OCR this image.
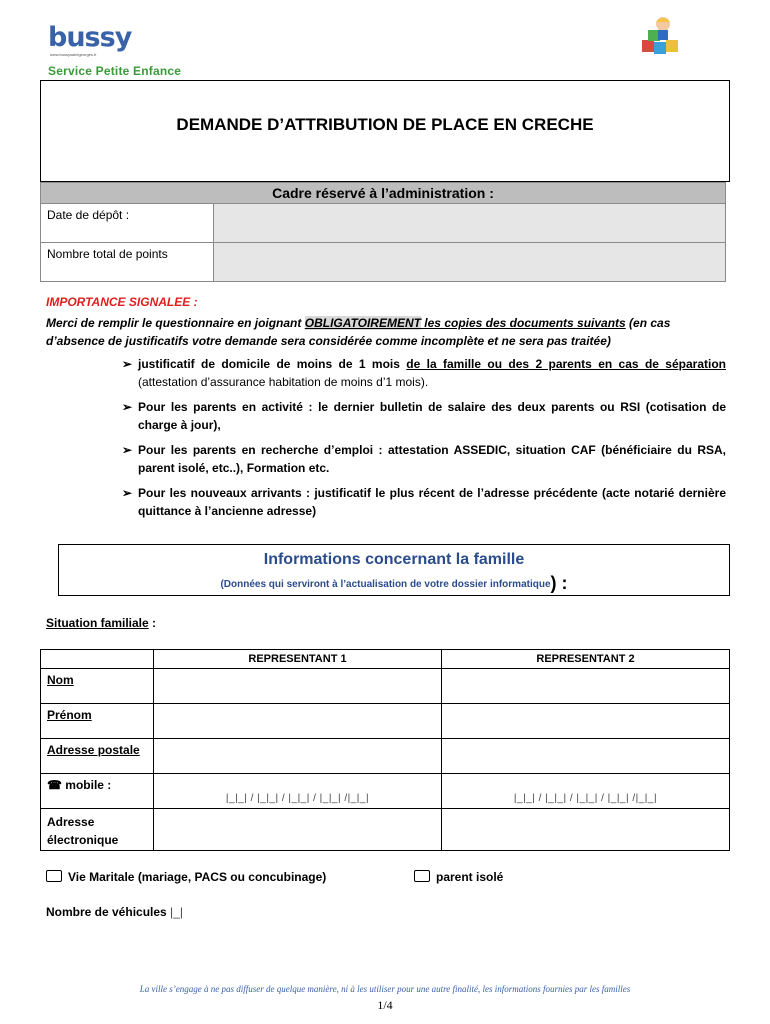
bussy
www.bussysaintgeorges.fr
Service Petite Enfance
DEMANDE D’ATTRIBUTION DE PLACE EN CRECHE
Cadre réservé à l’administration :	
Date de dépôt :	
Nombre total de points	
IMPORTANCE SIGNALEE :
Merci de remplir le questionnaire en joignant OBLIGATOIREMENT les copies des documents suivants (en cas d’absence de justificatifs votre demande sera considérée comme incomplète et ne sera pas traitée)
➢ justificatif de domicile de moins de 1 mois de la famille ou des 2 parents en cas de séparation (attestation d’assurance habitation de moins d’1 mois).
➢ Pour les parents en activité : le dernier bulletin de salaire des deux parents ou RSI (cotisation de charge à jour),
➢ Pour les parents en recherche d’emploi : attestation ASSEDIC, situation CAF (bénéficiaire du RSA, parent isolé, etc..), Formation etc.
➢ Pour les nouveaux arrivants : justificatif le plus récent de l’adresse précédente (acte notarié dernière quittance à l’ancienne adresse)
Informations concernant la famille
(Données qui serviront à l’actualisation de votre dossier informatique) :
Situation familiale :
	REPRESENTANT 1	REPRESENTANT 2

Nom		

Prénom		

Adresse postale		

☎ mobile :	|_|_| / |_|_| / |_|_| / |_|_| /|_|_|	|_|_| / |_|_| / |_|_| / |_|_| /|_|_|

Adresse électronique		

Vie Maritale (mariage, PACS ou concubinage)	parent isolé
Nombre de véhicules |_|
La ville s’engage à ne pas diffuser de quelque manière, ni à les utiliser pour une autre finalité, les informations fournies par les familles
1/4
